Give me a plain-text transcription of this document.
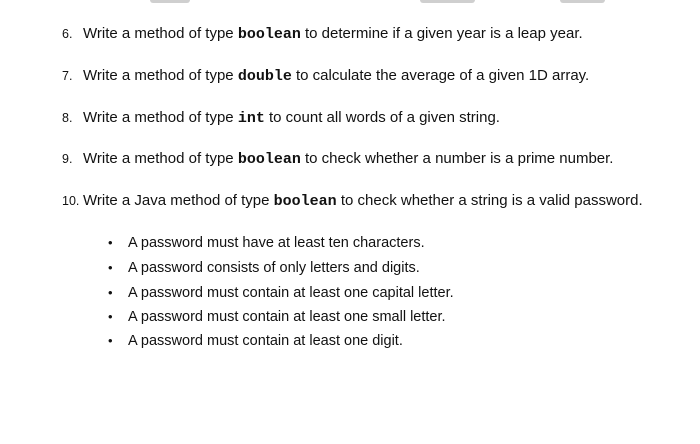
6. Write a method of type boolean to determine if a given year is a leap year.
7. Write a method of type double to calculate the average of a given 1D array.
8. Write a method of type int to count all words of a given string.
9. Write a method of type boolean to check whether a number is a prime number.
10. Write a Java method of type boolean to check whether a string is a valid password.
• A password must have at least ten characters.
• A password consists of only letters and digits.
• A password must contain at least one capital letter.
• A password must contain at least one small letter.
• A password must contain at least one digit.
